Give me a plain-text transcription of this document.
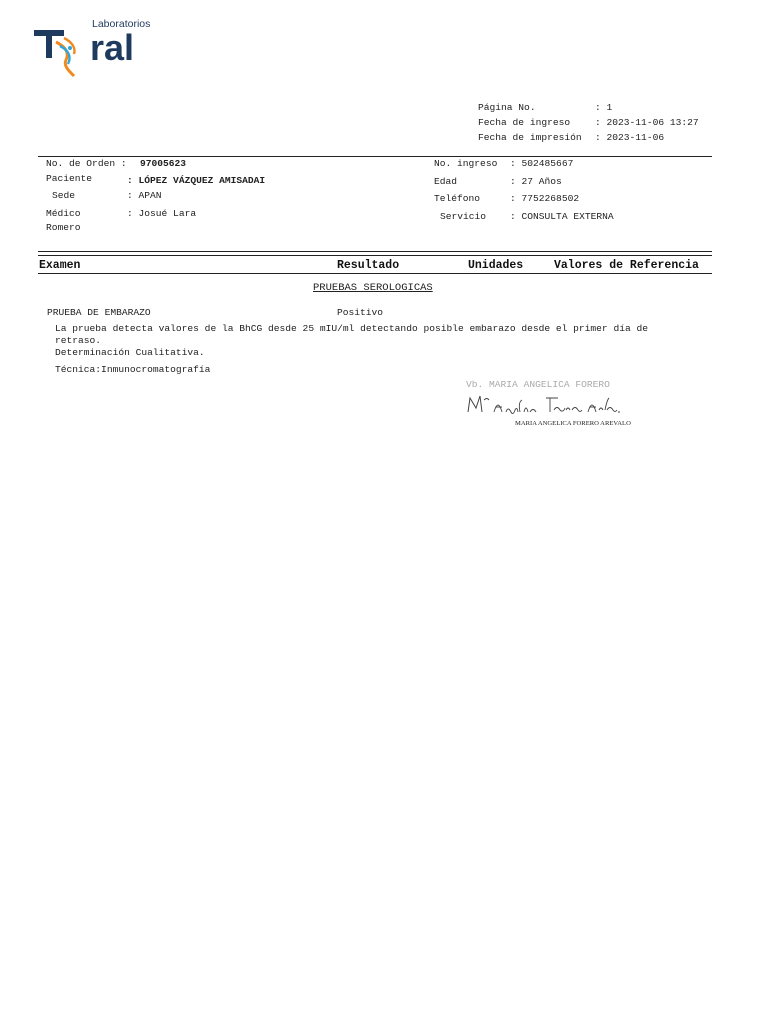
Laboratorios
ral
Página No.	: 1
Fecha de ingreso	: 2023-11-06 13:27
Fecha de impresión : 2023-11-06
No. de Orden : 97005623
Paciente	: LÓPEZ VÁZQUEZ AMISADAI
Sede	: APAN
Médico	: Josué Lara
Romero
No. ingreso : 502485667
Edad	: 27 Años
Teléfono	: 7752268502
Servicio : CONSULTA EXTERNA
Examen	Resultado	Unidades	Valores de Referencia
PRUEBAS SEROLOGICAS
PRUEBA DE EMBARAZO	Positivo
La prueba detecta valores de la BhCG desde 25 mIU/ml detectando posible embarazo desde el primer día de
retraso.
Determinación Cualitativa.
Técnica:Inmunocromatografía
Vb. MARIA ANGELICA FORERO
MARIA ANGELICA FORERO AREVALO
